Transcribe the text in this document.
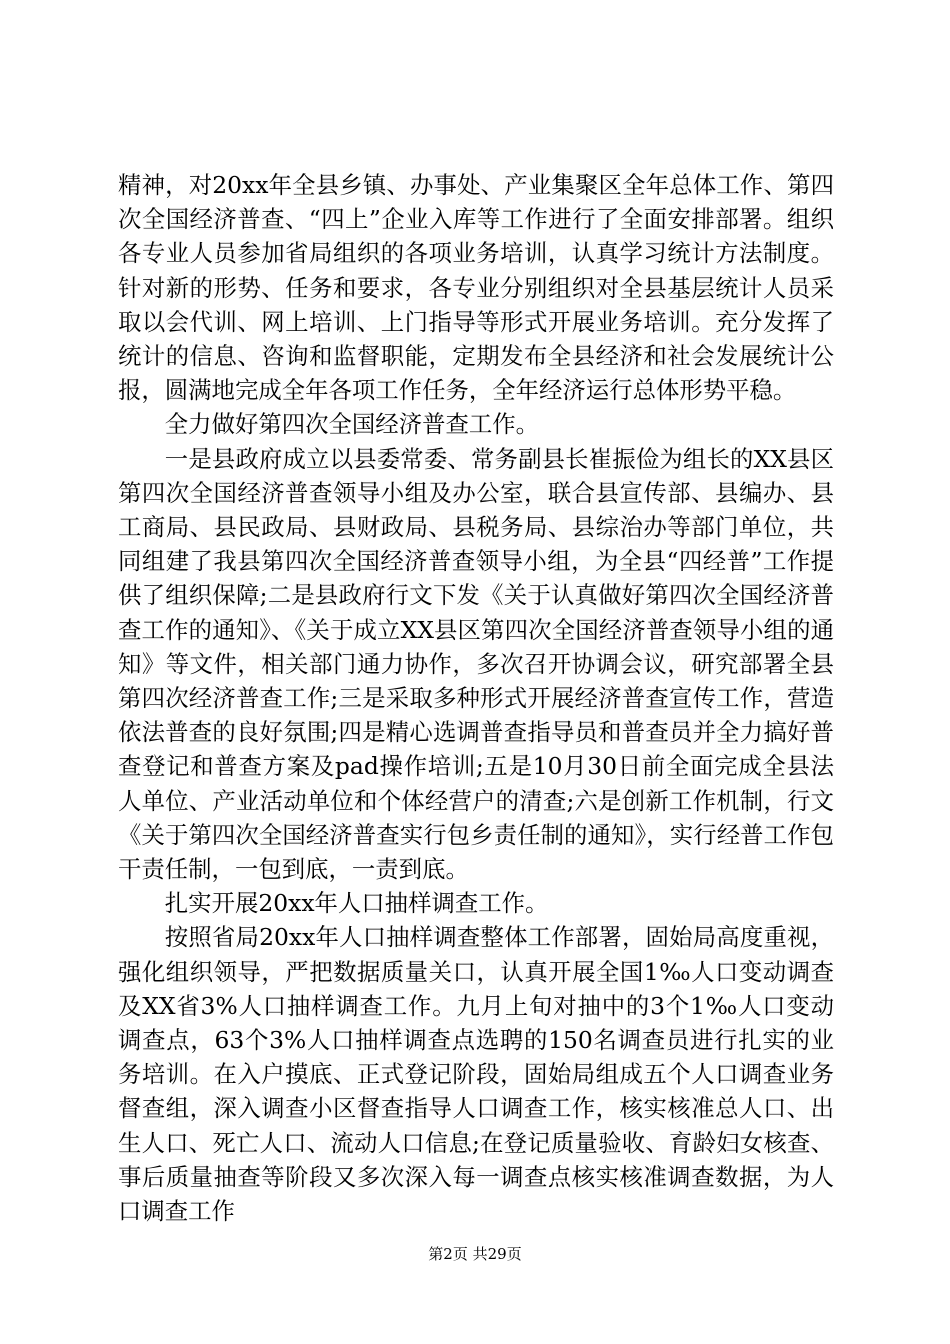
精神，对20xx年全县乡镇、办事处、产业集聚区全年总体工作、第四次全国经济普查、“四上”企业入库等工作进行了全面安排部署。组织各专业人员参加省局组织的各项业务培训，认真学习统计方法制度。针对新的形势、任务和要求，各专业分别组织对全县基层统计人员采取以会代训、网上培训、上门指导等形式开展业务培训。充分发挥了统计的信息、咨询和监督职能，定期发布全县经济和社会发展统计公报，圆满地完成全年各项工作任务，全年经济运行总体形势平稳。

全力做好第四次全国经济普查工作。

一是县政府成立以县委常委、常务副县长崔振俭为组长的XX县区第四次全国经济普查领导小组及办公室，联合县宣传部、县编办、县工商局、县民政局、县财政局、县税务局、县综治办等部门单位，共同组建了我县第四次全国经济普查领导小组，为全县“四经普”工作提供了组织保障;二是县政府行文下发《关于认真做好第四次全国经济普查工作的通知》、《关于成立XX县区第四次全国经济普查领导小组的通知》等文件，相关部门通力协作，多次召开协调会议，研究部署全县第四次经济普查工作;三是采取多种形式开展经济普查宣传工作，营造依法普查的良好氛围;四是精心选调普查指导员和普查员并全力搞好普查登记和普查方案及pad操作培训;五是10月30日前全面完成全县法人单位、产业活动单位和个体经营户的清查;六是创新工作机制，行文《关于第四次全国经济普查实行包乡责任制的通知》，实行经普工作包干责任制，一包到底，一责到底。

扎实开展20xx年人口抽样调查工作。

按照省局20xx年人口抽样调查整体工作部署，固始局高度重视，强化组织领导，严把数据质量关口，认真开展全国1‰人口变动调查及XX省3%人口抽样调查工作。九月上旬对抽中的3个1‰人口变动调查点，63个3%人口抽样调查点选聘的150名调查员进行扎实的业务培训。在入户摸底、正式登记阶段，固始局组成五个人口调查业务督查组，深入调查小区督查指导人口调查工作，核实核准总人口、出生人口、死亡人口、流动人口信息;在登记质量验收、育龄妇女核查、事后质量抽查等阶段又多次深入每一调查点核实核准调查数据，为人口调查工作

第2页 共29页
